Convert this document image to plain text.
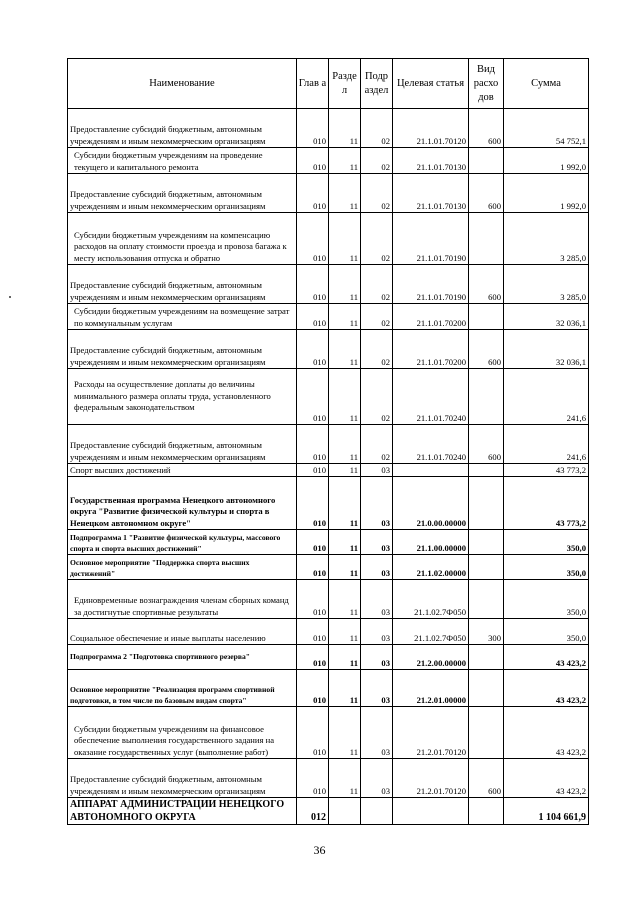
Наименование	Глав а	Разде л	Подр аздел	Целевая статья	Вид расхо дов	Сумма
Предоставление субсидий бюджетным, автономным учреждениям и иным некоммерческим организациям	010	11	02	21.1.01.70120	600	54 752,1
Субсидии бюджетным учреждениям на проведение текущего и капитального ремонта	010	11	02	21.1.01.70130		1 992,0
Предоставление субсидий бюджетным, автономным учреждениям и иным некоммерческим организациям	010	11	02	21.1.01.70130	600	1 992,0
Субсидии бюджетным учреждениям на компенсацию расходов на оплату стоимости проезда и провоза багажа к месту использования отпуска и обратно	010	11	02	21.1.01.70190		3 285,0
Предоставление субсидий бюджетным, автономным учреждениям и иным некоммерческим организациям	010	11	02	21.1.01.70190	600	3 285,0
Субсидии бюджетным учреждениям на возмещение затрат по коммунальным услугам	010	11	02	21.1.01.70200		32 036,1
Предоставление субсидий бюджетным, автономным учреждениям и иным некоммерческим организациям	010	11	02	21.1.01.70200	600	32 036,1
Расходы на осуществление доплаты до величины минимального размера оплаты труда, установленного федеральным законодательством	010	11	02	21.1.01.70240		241,6
Предоставление субсидий бюджетным, автономным учреждениям и иным некоммерческим организациям	010	11	02	21.1.01.70240	600	241,6
Спорт высших достижений	010	11	03			43 773,2
Государственная программа Ненецкого автономного округа "Развитие физической культуры и спорта в Ненецком автономном округе"	010	11	03	21.0.00.00000		43 773,2
Подпрограмма 1 "Развитие физической культуры, массового спорта и спорта высших достижений"	010	11	03	21.1.00.00000		350,0
Основное мероприятие "Поддержка спорта высших достижений"	010	11	03	21.1.02.00000		350,0
Единовременные вознаграждения членам сборных команд за достигнутые спортивные результаты	010	11	03	21.1.02.7Ф050		350,0
Социальное обеспечение и иные выплаты населению	010	11	03	21.1.02.7Ф050	300	350,0
Подпрограмма 2 "Подготовка спортивного резерва"	010	11	03	21.2.00.00000		43 423,2
Основное мероприятие "Реализация программ спортивной подготовки, в том числе по базовым видам спорта"	010	11	03	21.2.01.00000		43 423,2
Субсидии бюджетным учреждениям на финансовое обеспечение выполнения государственного задания на оказание государственных услуг (выполнение работ)	010	11	03	21.2.01.70120		43 423,2
Предоставление субсидий бюджетным, автономным учреждениям и иным некоммерческим организациям	010	11	03	21.2.01.70120	600	43 423,2
АППАРАТ АДМИНИСТРАЦИИ НЕНЕЦКОГО АВТОНОМНОГО ОКРУГА	012					1 104 661,9
36
